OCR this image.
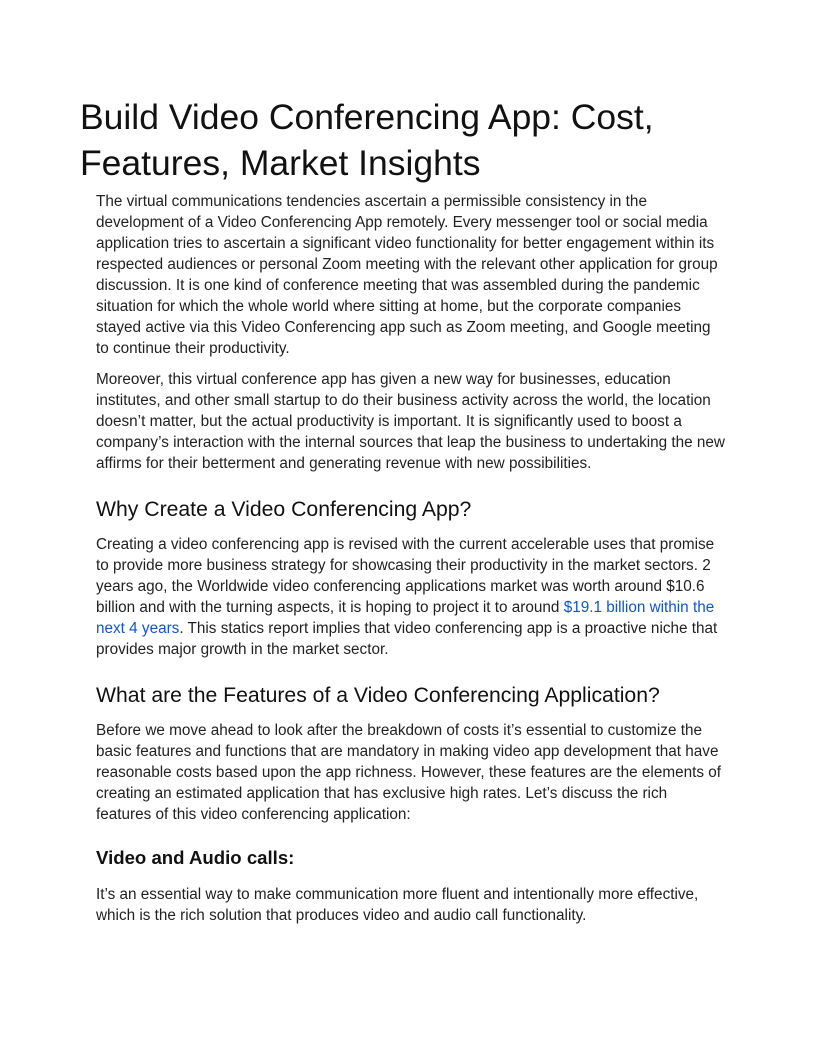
Build Video Conferencing App: Cost, Features, Market Insights

The virtual communications tendencies ascertain a permissible consistency in the development of a Video Conferencing App remotely. Every messenger tool or social media application tries to ascertain a significant video functionality for better engagement within its respected audiences or personal Zoom meeting with the relevant other application for group discussion. It is one kind of conference meeting that was assembled during the pandemic situation for which the whole world where sitting at home, but the corporate companies stayed active via this Video Conferencing app such as Zoom meeting, and Google meeting to continue their productivity.

Moreover, this virtual conference app has given a new way for businesses, education institutes, and other small startup to do their business activity across the world, the location doesn’t matter, but the actual productivity is important. It is significantly used to boost a company’s interaction with the internal sources that leap the business to undertaking the new affirms for their betterment and generating revenue with new possibilities.

Why Create a Video Conferencing App?

Creating a video conferencing app is revised with the current accelerable uses that promise to provide more business strategy for showcasing their productivity in the market sectors. 2 years ago, the Worldwide video conferencing applications market was worth around $10.6 billion and with the turning aspects, it is hoping to project it to around $19.1 billion within the next 4 years. This statics report implies that video conferencing app is a proactive niche that provides major growth in the market sector.

What are the Features of a Video Conferencing Application?

Before we move ahead to look after the breakdown of costs it’s essential to customize the basic features and functions that are mandatory in making video app development that have reasonable costs based upon the app richness. However, these features are the elements of creating an estimated application that has exclusive high rates. Let’s discuss the rich features of this video conferencing application:

Video and Audio calls:

It’s an essential way to make communication more fluent and intentionally more effective, which is the rich solution that produces video and audio call functionality.
